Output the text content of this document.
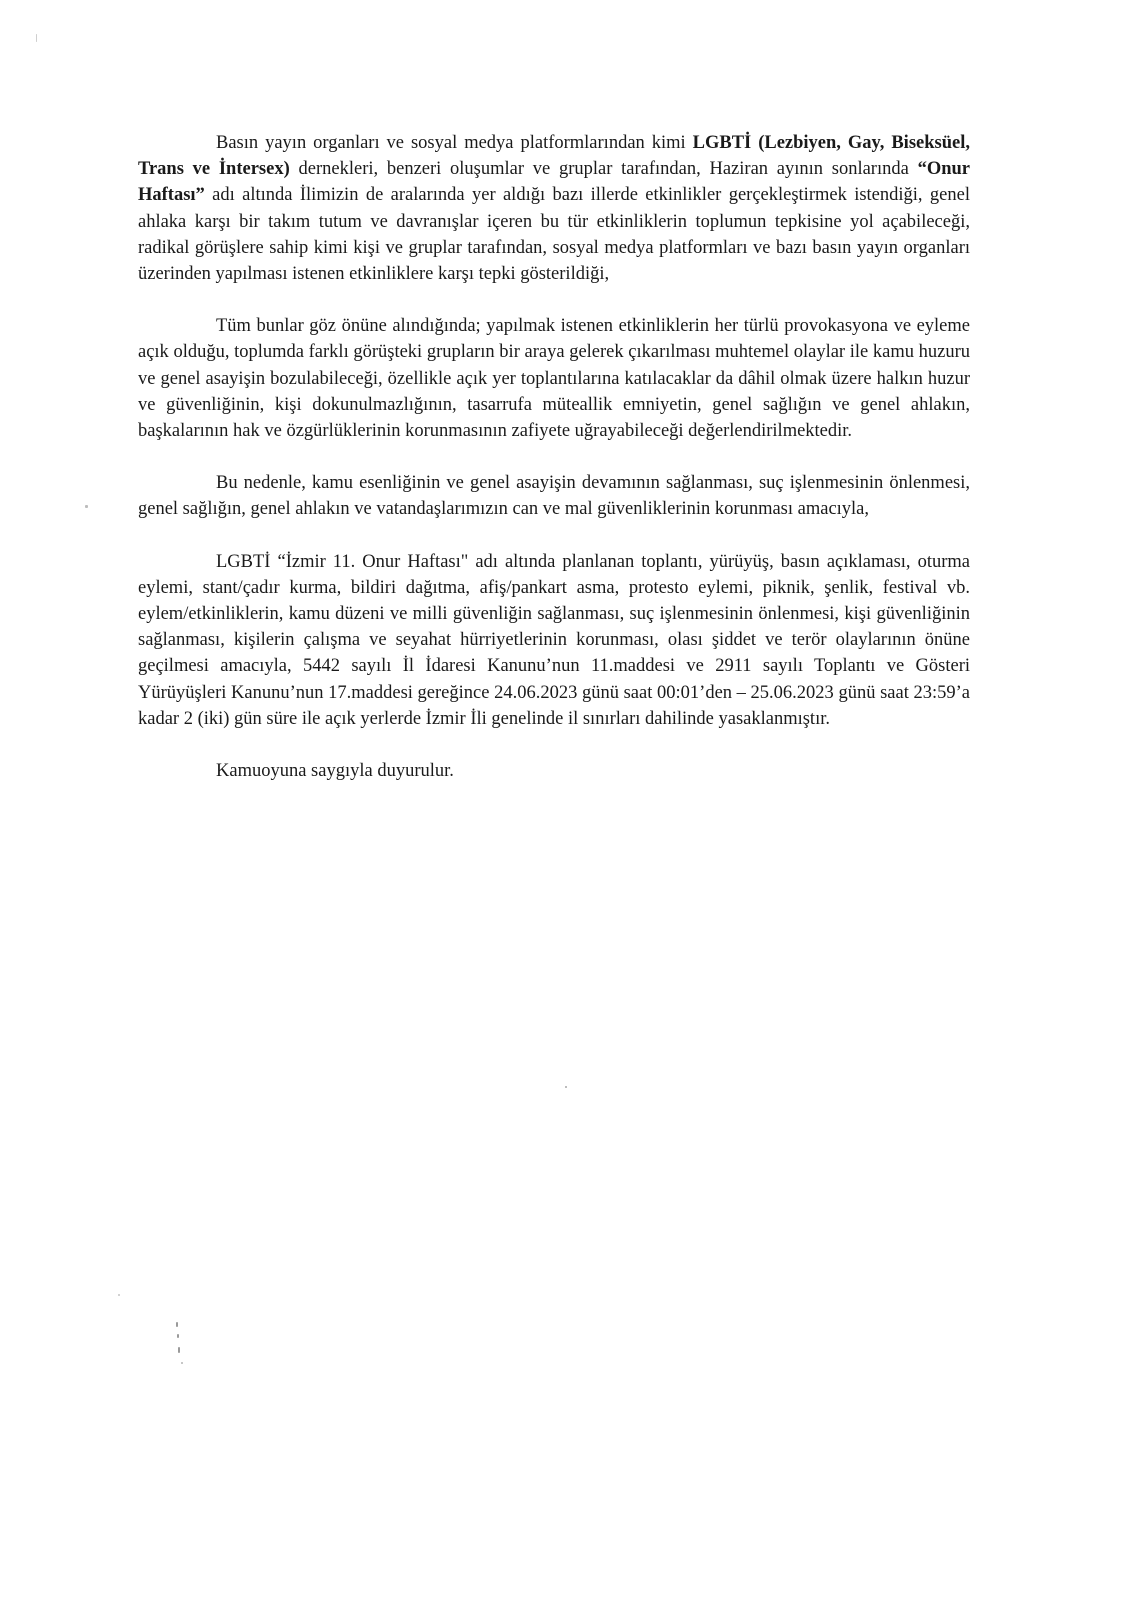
Basın yayın organları ve sosyal medya platformlarından kimi LGBTİ (Lezbiyen, Gay, Biseksüel, Trans ve İntersex) dernekleri, benzeri oluşumlar ve gruplar tarafından, Haziran ayının sonlarında “Onur Haftası” adı altında İlimizin de aralarında yer aldığı bazı illerde etkinlikler gerçekleştirmek istendiği, genel ahlaka karşı bir takım tutum ve davranışlar içeren bu tür etkinliklerin toplumun tepkisine yol açabileceği, radikal görüşlere sahip kimi kişi ve gruplar tarafından, sosyal medya platformları ve bazı basın yayın organları üzerinden yapılması istenen etkinliklere karşı tepki gösterildiği,

Tüm bunlar göz önüne alındığında; yapılmak istenen etkinliklerin her türlü provokasyona ve eyleme açık olduğu, toplumda farklı görüşteki grupların bir araya gelerek çıkarılması muhtemel olaylar ile kamu huzuru ve genel asayişin bozulabileceği, özellikle açık yer toplantılarına katılacaklar da dâhil olmak üzere halkın huzur ve güvenliğinin, kişi dokunulmazlığının, tasarrufa müteallik emniyetin, genel sağlığın ve genel ahlakın, başkalarının hak ve özgürlüklerinin korunmasının zafiyete uğrayabileceği değerlendirilmektedir.

Bu nedenle, kamu esenliğinin ve genel asayişin devamının sağlanması, suç işlenmesinin önlenmesi, genel sağlığın, genel ahlakın ve vatandaşlarımızın can ve mal güvenliklerinin korunması amacıyla,

LGBTİ “İzmir 11. Onur Haftası" adı altında planlanan toplantı, yürüyüş, basın açıklaması, oturma eylemi, stant/çadır kurma, bildiri dağıtma, afiş/pankart asma, protesto eylemi, piknik, şenlik, festival vb. eylem/etkinliklerin, kamu düzeni ve milli güvenliğin sağlanması, suç işlenmesinin önlenmesi, kişi güvenliğinin sağlanması, kişilerin çalışma ve seyahat hürriyetlerinin korunması, olası şiddet ve terör olaylarının önüne geçilmesi amacıyla, 5442 sayılı İl İdaresi Kanunu’nun 11.maddesi ve 2911 sayılı Toplantı ve Gösteri Yürüyüşleri Kanunu’nun 17.maddesi gereğince 24.06.2023 günü saat 00:01’den – 25.06.2023 günü saat 23:59’a kadar 2 (iki) gün süre ile açık yerlerde İzmir İli genelinde il sınırları dahilinde yasaklanmıştır.

Kamuoyuna saygıyla duyurulur.
